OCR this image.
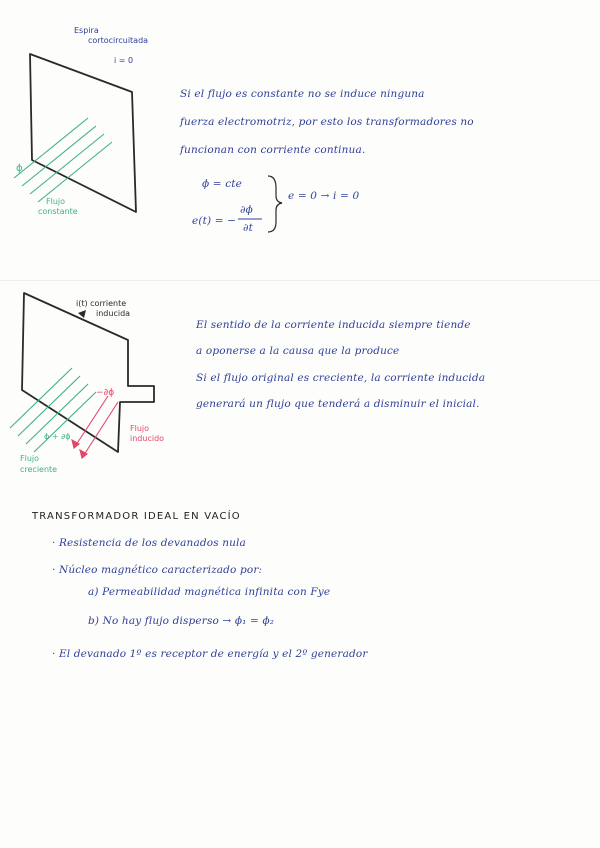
Espira

cortocircuitada

i = 0

ϕ

Flujo

constante

Si el flujo es constante no se induce ninguna

fuerza electromotriz, por esto los transformadores no

funcionan con corriente continua.

ϕ = cte

e(t) = −

∂ϕ

∂t

e = 0 → i = 0

i(t) corriente

inducida

−∂ϕ

Flujo

inducido

ϕ + ∂ϕ

Flujo

creciente

El sentido de la corriente inducida siempre tiende

a oponerse a la causa que la produce

Si el flujo original es creciente, la corriente inducida

generará un flujo que tenderá a disminuir el inicial.

TRANSFORMADOR IDEAL EN VACÍO

· Resistencia de los devanados nula

· Núcleo magnético caracterizado por:

a) Permeabilidad magnética infinita con Fye

b) No hay flujo disperso → ϕ₁ = ϕ₂

· El devanado 1º es receptor de energía y el 2º generador
